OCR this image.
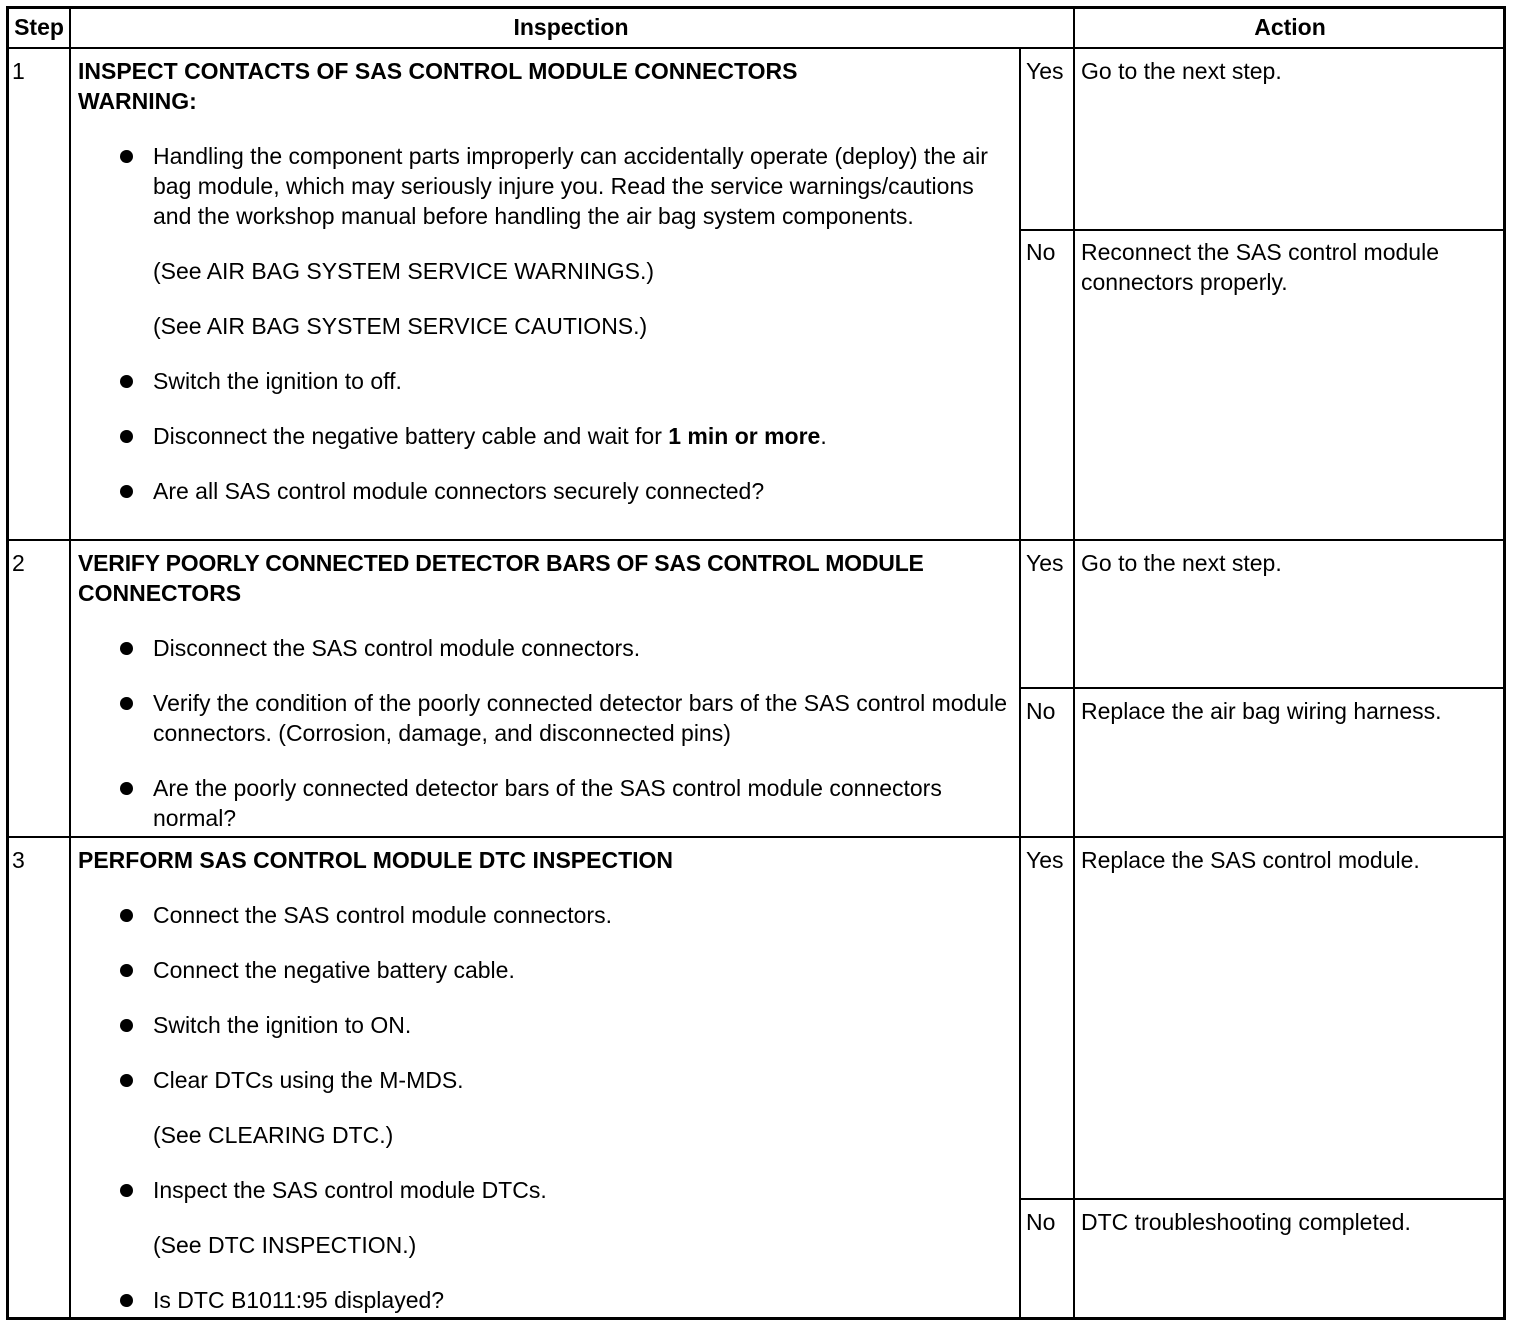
Step	Inspection	Action
1 INSPECT CONTACTS OF SAS CONTROL MODULE CONNECTORS
WARNING:
Handling the component parts improperly can accidentally operate (deploy) the air bag module, which may seriously injure you. Read the service warnings/cautions and the workshop manual before handling the air bag system components.
(See AIR BAG SYSTEM SERVICE WARNINGS.)
(See AIR BAG SYSTEM SERVICE CAUTIONS.)
Switch the ignition to off.
Disconnect the negative battery cable and wait for 1 min or more.
Are all SAS control module connectors securely connected?
Yes Go to the next step.
No Reconnect the SAS control module connectors properly.
2 VERIFY POORLY CONNECTED DETECTOR BARS OF SAS CONTROL MODULE
CONNECTORS
Disconnect the SAS control module connectors.
Verify the condition of the poorly connected detector bars of the SAS control module connectors. (Corrosion, damage, and disconnected pins)
Are the poorly connected detector bars of the SAS control module connectors normal?
Yes Go to the next step.
No Replace the air bag wiring harness.
3 PERFORM SAS CONTROL MODULE DTC INSPECTION
Connect the SAS control module connectors.
Connect the negative battery cable.
Switch the ignition to ON.
Clear DTCs using the M-MDS.
(See CLEARING DTC.)
Inspect the SAS control module DTCs.
(See DTC INSPECTION.)
Is DTC B1011:95 displayed?
Yes Replace the SAS control module.
No DTC troubleshooting completed.
